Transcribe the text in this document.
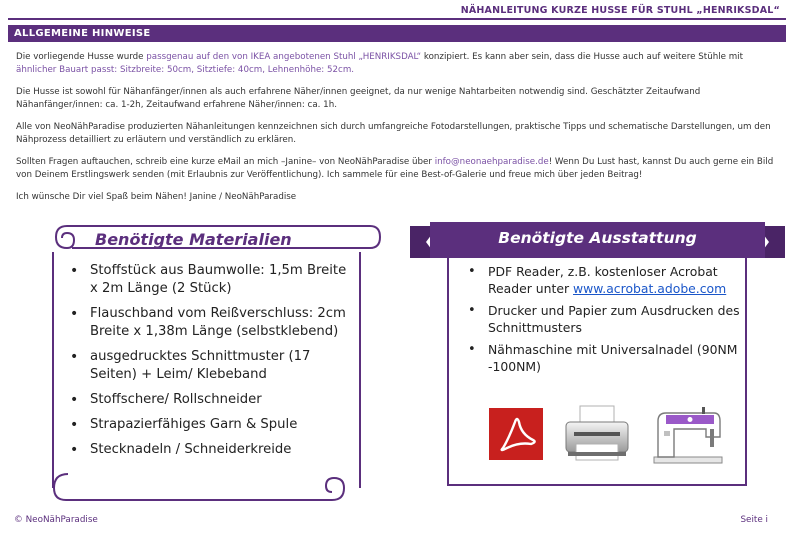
NÄHANLEITUNG KURZE HUSSE FÜR STUHL „HENRIKSDAL“
ALLGEMEINE HINWEISE

Die vorliegende Husse wurde passgenau auf den von IKEA angebotenen Stuhl „HENRIKSDAL“ konzipiert. Es kann aber sein, dass die Husse auch auf weitere Stühle mit ähnlicher Bauart passt: Sitzbreite: 50cm, Sitztiefe: 40cm, Lehnenhöhe: 52cm.

Die Husse ist sowohl für Nähanfänger/innen als auch erfahrene Näher/innen geeignet, da nur wenige Nahtarbeiten notwendig sind. Geschätzter Zeitaufwand Nähanfänger/innen: ca. 1-2h, Zeitaufwand erfahrene Näher/innen: ca. 1h.

Alle von NeoNähParadise produzierten Nähanleitungen kennzeichnen sich durch umfangreiche Fotodarstellungen, praktische Tipps und schematische Darstellungen, um den Nähprozess detailliert zu erläutern und verständlich zu erklären.

Sollten Fragen auftauchen, schreib eine kurze eMail an mich –Janine– von NeoNähParadise über info@neonaehparadise.de! Wenn Du Lust hast, kannst Du auch gerne ein Bild von Deinem Erstlingswerk senden (mit Erlaubnis zur Veröffentlichung). Ich sammele für eine Best-of-Galerie und freue mich über jeden Beitrag!

Ich wünsche Dir viel Spaß beim Nähen! Janine / NeoNähParadise

Benötigte Materialien
• Stoffstück aus Baumwolle: 1,5m Breite x 2m Länge (2 Stück)
• Flauschband vom Reißverschluss: 2cm Breite x 1,38m Länge (selbstklebend)
• ausgedrucktes Schnittmuster (17 Seiten) + Leim/ Klebeband
• Stoffschere/ Rollschneider
• Strapazierfähiges Garn & Spule
• Stecknadeln / Schneiderkreide
Benötigte Ausstattung
• PDF Reader, z.B. kostenloser Acrobat Reader unter www.acrobat.adobe.com
• Drucker und Papier zum Ausdrucken des Schnittmusters
• Nähmaschine mit Universalnadel (90NM -100NM)
© NeoNähParadise	Seite i
